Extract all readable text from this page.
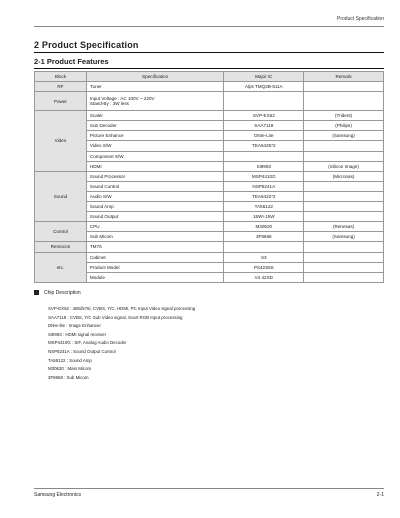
Product Specification
2 Product Specification
2-1 Product Features
Block	Specification	Major IC	Remark
RF	Tuner	Alps TMQ2B-511A	
Power	Input Voltage : AC 100V ~ 220V
Stand-By : 3W less		

Video	Scaler	SVP-EX62	(Trident)
	Sub Decoder	SAA7119	(Philips)
	Picture Enhance	DNIe-Lite	(Samsung)
	Video S/W	TEA6425*2	
	Component S/W		
	HDMI	Si9993	(Silicon Image)
Sound	Sound Processor	MSP4410G	(Micronas)
	Sound Control	NSP8241A	
	Audio S/W	TEA6422*2	
	Sound Amp	TA55122	
	Sound Output	15W+15W	
Control	CPU	M30620	(Renesas)
	Sub Micom	3F8668	(Samsung)
Remocon	TM76		
etc.	Cabinet	S3	
	Product Model	PS42S5S	
	Module	V4 42SD	
Chip Description
SVP-EX62 : 480i/576i, CVBS, Y/C, HDMI, PC Input Video signal processing
SAA7119 : CVBS, Y/C Sub Video signal, Scart RGB Input processing
DNIe-lite : Image Enhancer
Si9993 : HDMI signal receiver
MSP4410G : SIF, Analog Audio Decoder
NSP8241A : Sound Output Control
TA55122 : Sound Amp
M30620 : Main Micom
3F8668 : Sub Micom
Samsung Electronics	2-1
